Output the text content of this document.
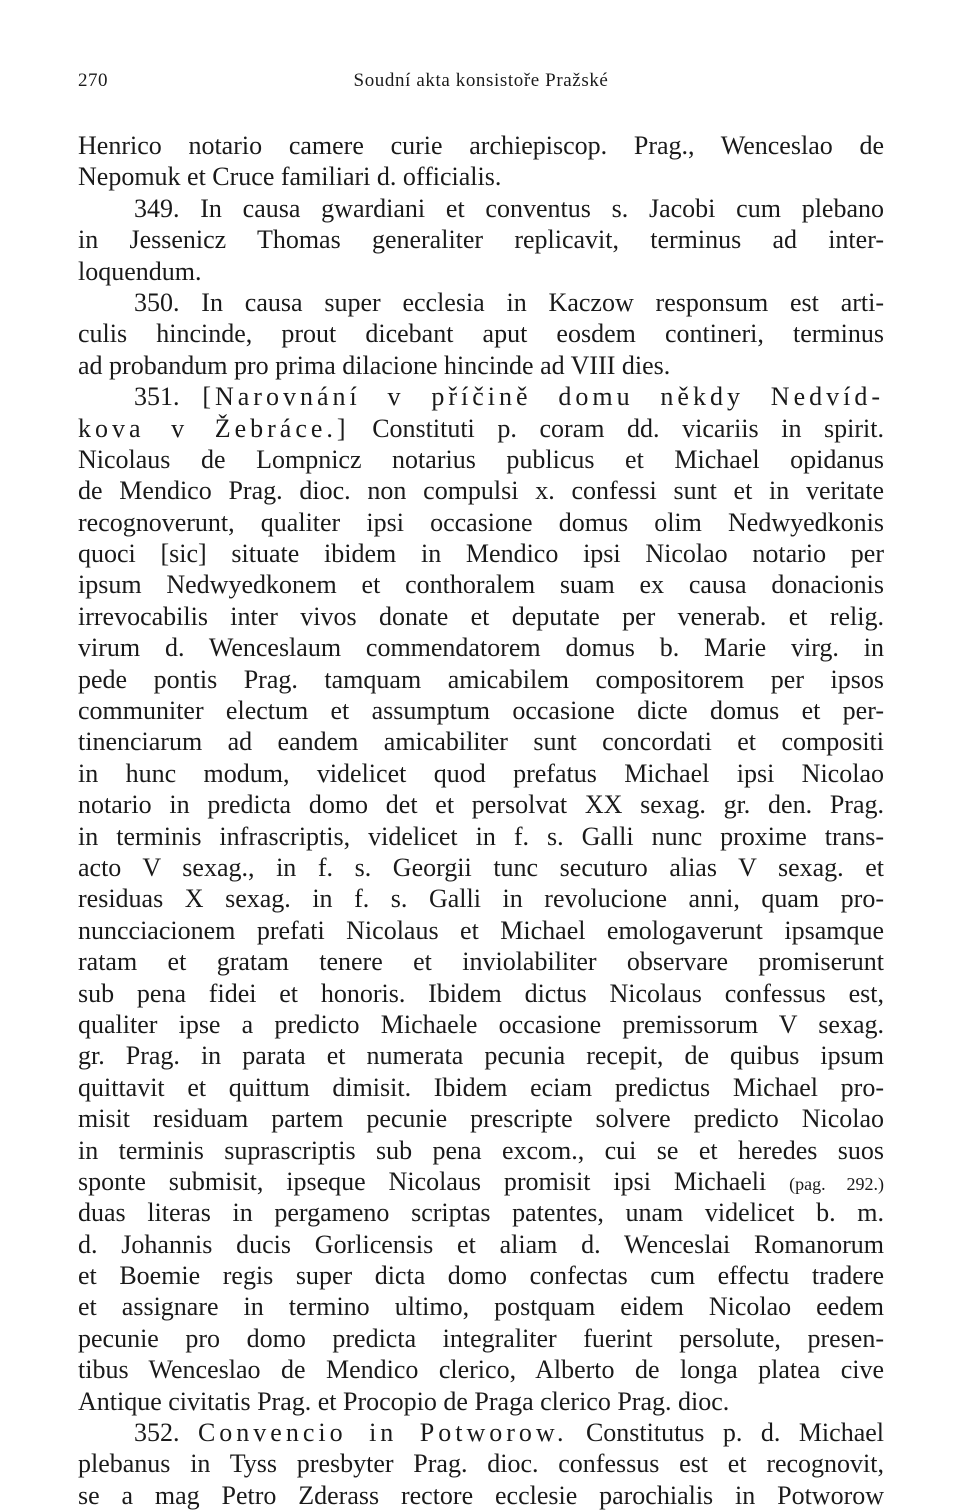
270	Soudní akta konsistoře Pražské
Henrico notario camere curie archiepiscop. Prag., Wenceslao de
Nepomuk et Cruce familiari d. officialis.
349. In causa gwardiani et conventus s. Jacobi cum plebano
in Jessenicz Thomas generaliter replicavit, terminus ad inter-
loquendum.
350. In causa super ecclesia in Kaczow responsum est arti-
culis hincinde, prout dicebant aput eosdem contineri, terminus
ad probandum pro prima dilacione hincinde ad VIII dies.
351. [Narovnání v příčině domu někdy Nedvíd-
kova v Žebráce.] Constituti p. coram dd. vicariis in spirit.
Nicolaus de Lompnicz notarius publicus et Michael opidanus
de Mendico Prag. dioc. non compulsi x. confessi sunt et in veritate
recognoverunt, qualiter ipsi occasione domus olim Nedwyedkonis
quoci [sic] situate ibidem in Mendico ipsi Nicolao notario per
ipsum Nedwyedkonem et conthoralem suam ex causa donacionis
irrevocabilis inter vivos donate et deputate per venerab. et relig.
virum d. Wenceslaum commendatorem domus b. Marie virg. in
pede pontis Prag. tamquam amicabilem compositorem per ipsos
communiter electum et assumptum occasione dicte domus et per-
tinenciarum ad eandem amicabiliter sunt concordati et compositi
in hunc modum, videlicet quod prefatus Michael ipsi Nicolao
notario in predicta domo det et persolvat XX sexag. gr. den. Prag.
in terminis infrascriptis, videlicet in f. s. Galli nunc proxime trans-
acto V sexag., in f. s. Georgii tunc secuturo alias V sexag. et
residuas X sexag. in f. s. Galli in revolucione anni, quam pro-
nuncciacionem prefati Nicolaus et Michael emologaverunt ipsamque
ratam et gratam tenere et inviolabiliter observare promiserunt
sub pena fidei et honoris. Ibidem dictus Nicolaus confessus est,
qualiter ipse a predicto Michaele occasione premissorum V sexag.
gr. Prag. in parata et numerata pecunia recepit, de quibus ipsum
quittavit et quittum dimisit. Ibidem eciam predictus Michael pro-
misit residuam partem pecunie prescripte solvere predicto Nicolao
in terminis suprascriptis sub pena excom., cui se et heredes suos
sponte submisit, ipseque Nicolaus promisit ipsi Michaeli (pag. 292.)
duas literas in pergameno scriptas patentes, unam videlicet b. m.
d. Johannis ducis Gorlicensis et aliam d. Wenceslai Romanorum
et Boemie regis super dicta domo confectas cum effectu tradere
et assignare in termino ultimo, postquam eidem Nicolao eedem
pecunie pro domo predicta integraliter fuerint persolute, presen-
tibus Wenceslao de Mendico clerico, Alberto de longa platea cive
Antique civitatis Prag. et Procopio de Praga clerico Prag. dioc.
352. Convencio in Potworow. Constitutus p. d. Michael
plebanus in Tyss presbyter Prag. dioc. confessus est et recognovit,
se a mag Petro Zderass rectore ecclesie parochialis in Potworow
